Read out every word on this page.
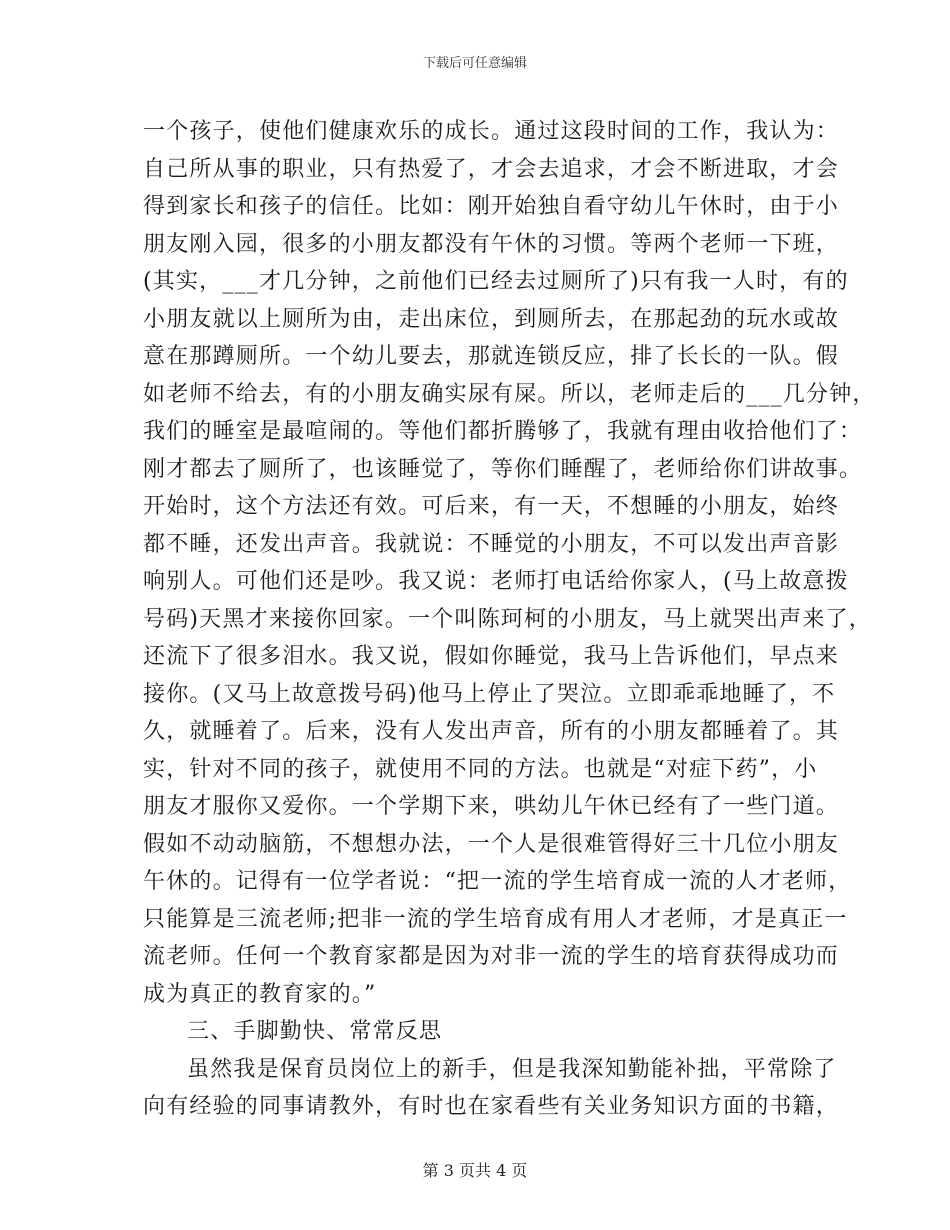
下载后可任意编辑
一个孩子，使他们健康欢乐的成长。通过这段时间的工作，我认为：
自己所从事的职业，只有热爱了，才会去追求，才会不断进取，才会
得到家长和孩子的信任。比如：刚开始独自看守幼儿午休时，由于小
朋友刚入园，很多的小朋友都没有午休的习惯。等两个老师一下班，
(其实，___才几分钟，之前他们已经去过厕所了)只有我一人时，有的
小朋友就以上厕所为由，走出床位，到厕所去，在那起劲的玩水或故
意在那蹲厕所。一个幼儿要去，那就连锁反应，排了长长的一队。假
如老师不给去，有的小朋友确实尿有屎。所以，老师走后的___几分钟，
我们的睡室是最喧闹的。等他们都折腾够了，我就有理由收拾他们了：
刚才都去了厕所了，也该睡觉了，等你们睡醒了，老师给你们讲故事。
开始时，这个方法还有效。可后来，有一天，不想睡的小朋友，始终
都不睡，还发出声音。我就说：不睡觉的小朋友，不可以发出声音影
响别人。可他们还是吵。我又说：老师打电话给你家人，(马上故意拨
号码)天黑才来接你回家。一个叫陈珂柯的小朋友，马上就哭出声来了，
还流下了很多泪水。我又说，假如你睡觉，我马上告诉他们，早点来
接你。(又马上故意拨号码)他马上停止了哭泣。立即乖乖地睡了，不
久，就睡着了。后来，没有人发出声音，所有的小朋友都睡着了。其
实，针对不同的孩子，就使用不同的方法。也就是“对症下药”，小
朋友才服你又爱你。一个学期下来，哄幼儿午休已经有了一些门道。
假如不动动脑筋，不想想办法，一个人是很难管得好三十几位小朋友
午休的。记得有一位学者说：“把一流的学生培育成一流的人才老师，
只能算是三流老师;把非一流的学生培育成有用人才老师，才是真正一
流老师。任何一个教育家都是因为对非一流的学生的培育获得成功而
成为真正的教育家的。”
三、手脚勤快、常常反思
虽然我是保育员岗位上的新手，但是我深知勤能补拙，平常除了
向有经验的同事请教外，有时也在家看些有关业务知识方面的书籍，
第 3 页共 4 页
